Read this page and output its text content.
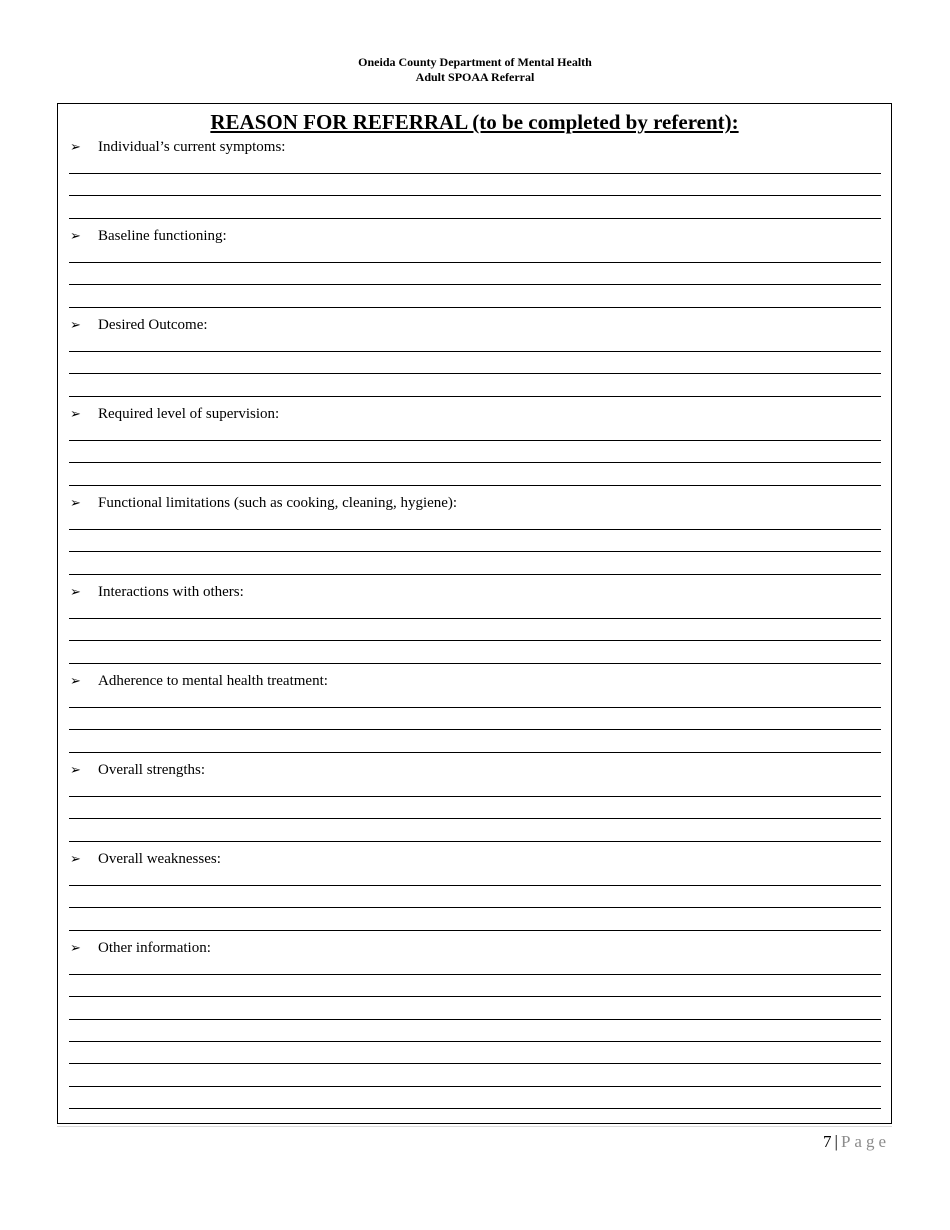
Oneida County Department of Mental Health
Adult SPOAA Referral
REASON FOR REFERRAL (to be completed by referent):
➢ Individual’s current symptoms:
➢ Baseline functioning:
➢ Desired Outcome:
➢ Required level of supervision:
➢ Functional limitations (such as cooking, cleaning, hygiene):
➢ Interactions with others:
➢ Adherence to mental health treatment:
➢ Overall strengths:
➢ Overall weaknesses:
➢ Other information:
7 | Page
